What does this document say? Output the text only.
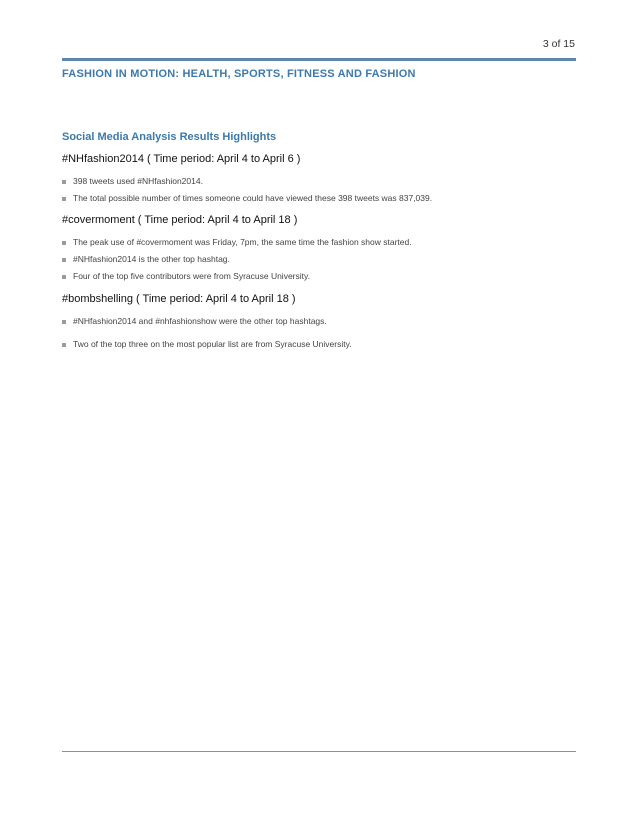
3 of 15
FASHION IN MOTION: HEALTH, SPORTS, FITNESS AND FASHION
Social Media Analysis Results Highlights
#NHfashion2014 ( Time period: April 4 to April 6 )
398 tweets used #NHfashion2014.
The total possible number of times someone could have viewed these 398 tweets was 837,039.
#covermoment ( Time period: April 4 to April 18 )
The peak use of #covermoment was Friday, 7pm, the same time the fashion show started.
#NHfashion2014 is the other top hashtag.
Four of the top five contributors were from Syracuse University.
#bombshelling ( Time period: April 4 to April 18 )
#NHfashion2014 and #nhfashionshow were the other top hashtags.
Two of the top three on the most popular list are from Syracuse University.
